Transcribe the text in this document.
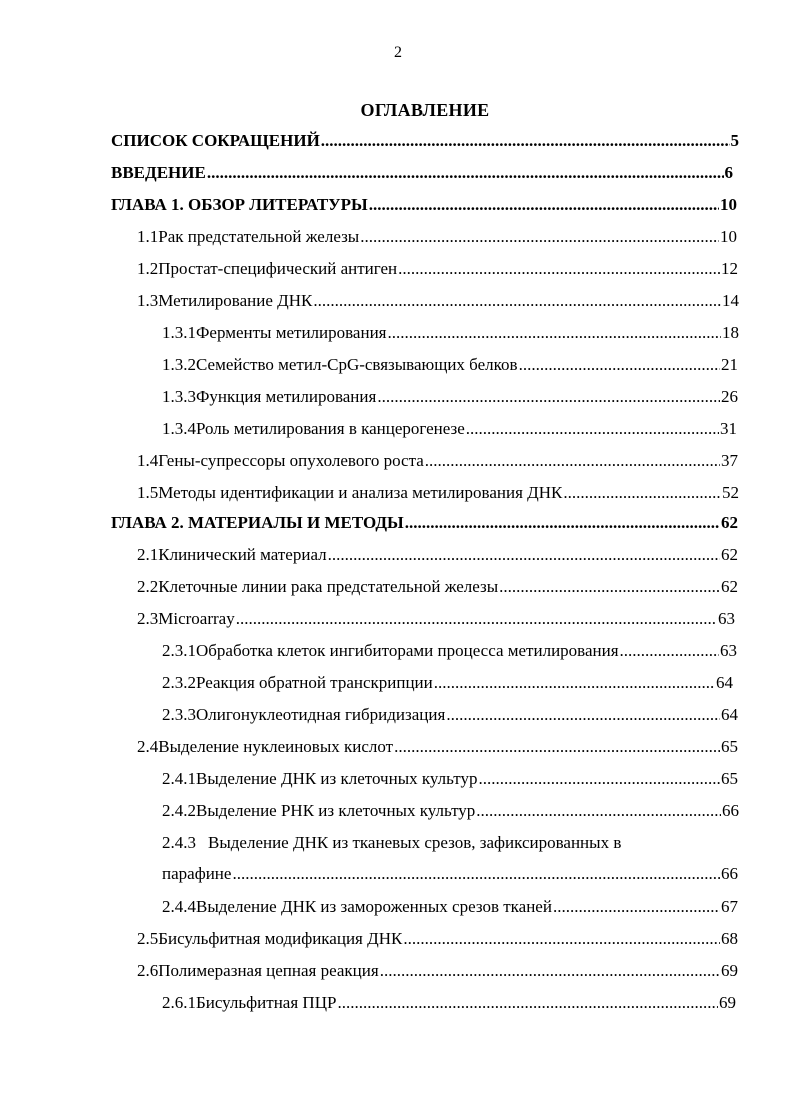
2
ОГЛАВЛЕНИЕ
СПИСОК СОКРАЩЕНИЙ .....	5
ВВЕДЕНИЕ .....	6
ГЛАВА 1. ОБЗОР ЛИТЕРАТУРЫ .....	10
1.1 Рак предстательной железы .....	10
1.2 Простат-специфический антиген .....	12
1.3 Метилирование ДНК .....	14
1.3.1 Ферменты метилирования .....	18
1.3.2 Семейство метил-CpG-связывающих белков .....	21
1.3.3 Функция метилирования .....	26
1.3.4 Роль метилирования в канцерогенезе .....	31
1.4 Гены-супрессоры опухолевого роста .....	37
1.5 Методы идентификации и анализа метилирования ДНК .....	52
ГЛАВА 2. МАТЕРИАЛЫ И МЕТОДЫ .....	62
2.1 Клинический материал .....	62
2.2 Клеточные линии рака предстательной железы .....	62
2.3 Microarray .....	63
2.3.1 Обработка клеток ингибиторами процесса метилирования .....	63
2.3.2 Реакция обратной транскрипции .....	64
2.3.3 Олигонуклеотидная гибридизация .....	64
2.4 Выделение нуклеиновых кислот .....	65
2.4.1 Выделение ДНК из клеточных культур .....	65
2.4.2 Выделение РНК из клеточных культур .....	66
2.4.3 Выделение ДНК из тканевых срезов, зафиксированных в
парафине .....	66
2.4.4 Выделение ДНК из замороженных срезов тканей .....	67
2.5 Бисульфитная модификация ДНК .....	68
2.6 Полимеразная цепная реакция .....	69
2.6.1 Бисульфитная ПЦР .....	69
